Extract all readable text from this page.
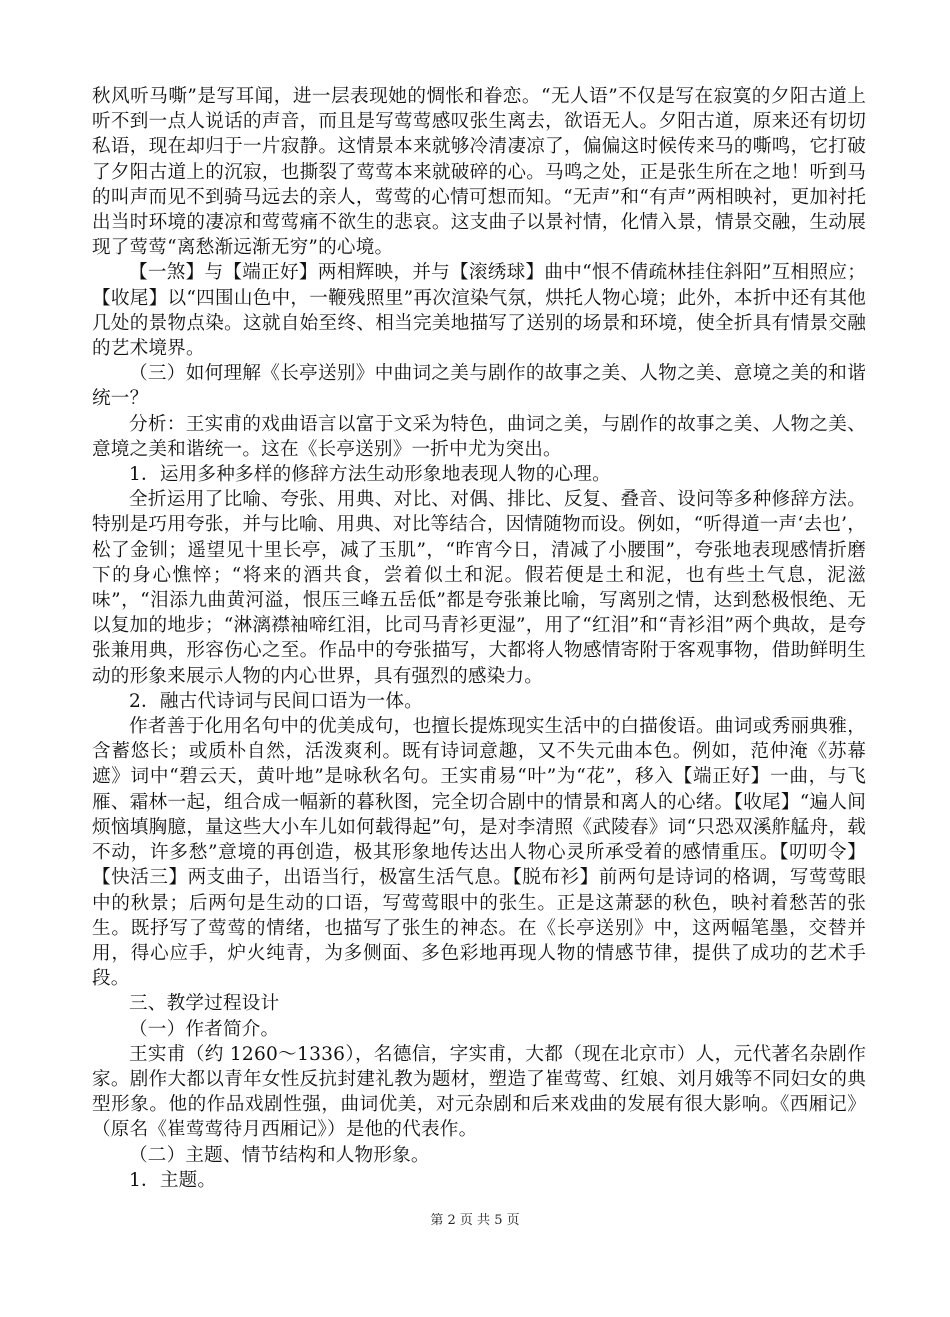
秋风听马嘶”是写耳闻，进一层表现她的惆怅和眷恋。“无人语”不仅是写在寂寞的夕阳古道上听不到一点人说话的声音，而且是写莺莺感叹张生离去，欲语无人。夕阳古道，原来还有切切私语，现在却归于一片寂静。这情景本来就够冷清凄凉了，偏偏这时候传来马的嘶鸣，它打破了夕阳古道上的沉寂，也撕裂了莺莺本来就破碎的心。马鸣之处，正是张生所在之地！听到马的叫声而见不到骑马远去的亲人，莺莺的心情可想而知。“无声”和“有声”两相映衬，更加衬托出当时环境的凄凉和莺莺痛不欲生的悲哀。这支曲子以景衬情，化情入景，情景交融，生动展现了莺莺“离愁渐远渐无穷”的心境。

【一煞】与【端正好】两相辉映，并与【滚绣球】曲中“恨不倩疏林挂住斜阳”互相照应；【收尾】以“四围山色中，一鞭残照里”再次渲染气氛，烘托人物心境；此外，本折中还有其他几处的景物点染。这就自始至终、相当完美地描写了送别的场景和环境，使全折具有情景交融的艺术境界。

（三）如何理解《长亭送别》中曲词之美与剧作的故事之美、人物之美、意境之美的和谐统一？

分析：王实甫的戏曲语言以富于文采为特色，曲词之美，与剧作的故事之美、人物之美、意境之美和谐统一。这在《长亭送别》一折中尤为突出。

1．运用多种多样的修辞方法生动形象地表现人物的心理。

全折运用了比喻、夸张、用典、对比、对偶、排比、反复、叠音、设问等多种修辞方法。特别是巧用夸张，并与比喻、用典、对比等结合，因情随物而设。例如，“听得道一声‘去也’，松了金钏；遥望见十里长亭，减了玉肌”，“昨宵今日，清减了小腰围”，夸张地表现感情折磨下的身心憔悴；“将来的酒共食，尝着似土和泥。假若便是土和泥，也有些土气息，泥滋味”，“泪添九曲黄河溢，恨压三峰五岳低”都是夸张兼比喻，写离别之情，达到愁极恨绝、无以复加的地步；“淋漓襟袖啼红泪，比司马青衫更湿”，用了“红泪”和“青衫泪”两个典故，是夸张兼用典，形容伤心之至。作品中的夸张描写，大都将人物感情寄附于客观事物，借助鲜明生动的形象来展示人物的内心世界，具有强烈的感染力。

2．融古代诗词与民间口语为一体。

作者善于化用名句中的优美成句，也擅长提炼现实生活中的白描俊语。曲词或秀丽典雅，含蓄悠长；或质朴自然，活泼爽利。既有诗词意趣，又不失元曲本色。例如，范仲淹《苏幕遮》词中“碧云天，黄叶地”是咏秋名句。王实甫易“叶”为“花”，移入【端正好】一曲，与飞雁、霜林一起，组合成一幅新的暮秋图，完全切合剧中的情景和离人的心绪。【收尾】“遍人间烦恼填胸臆，量这些大小车儿如何载得起”句，是对李清照《武陵春》词“只恐双溪舴艋舟，载不动，许多愁”意境的再创造，极其形象地传达出人物心灵所承受着的感情重压。【叨叨令】【快活三】两支曲子，出语当行，极富生活气息。【脱布衫】前两句是诗词的格调，写莺莺眼中的秋景；后两句是生动的口语，写莺莺眼中的张生。正是这萧瑟的秋色，映衬着愁苦的张生。既抒写了莺莺的情绪，也描写了张生的神态。在《长亭送别》中，这两幅笔墨，交替并用，得心应手，炉火纯青，为多侧面、多色彩地再现人物的情感节律，提供了成功的艺术手段。

三、教学过程设计

（一）作者简介。

王实甫（约 1260～1336），名德信，字实甫，大都（现在北京市）人，元代著名杂剧作家。剧作大都以青年女性反抗封建礼教为题材，塑造了崔莺莺、红娘、刘月娥等不同妇女的典型形象。他的作品戏剧性强，曲词优美，对元杂剧和后来戏曲的发展有很大影响。《西厢记》（原名《崔莺莺待月西厢记》）是他的代表作。

（二）主题、情节结构和人物形象。

1．主题。

第 2 页 共 5 页
